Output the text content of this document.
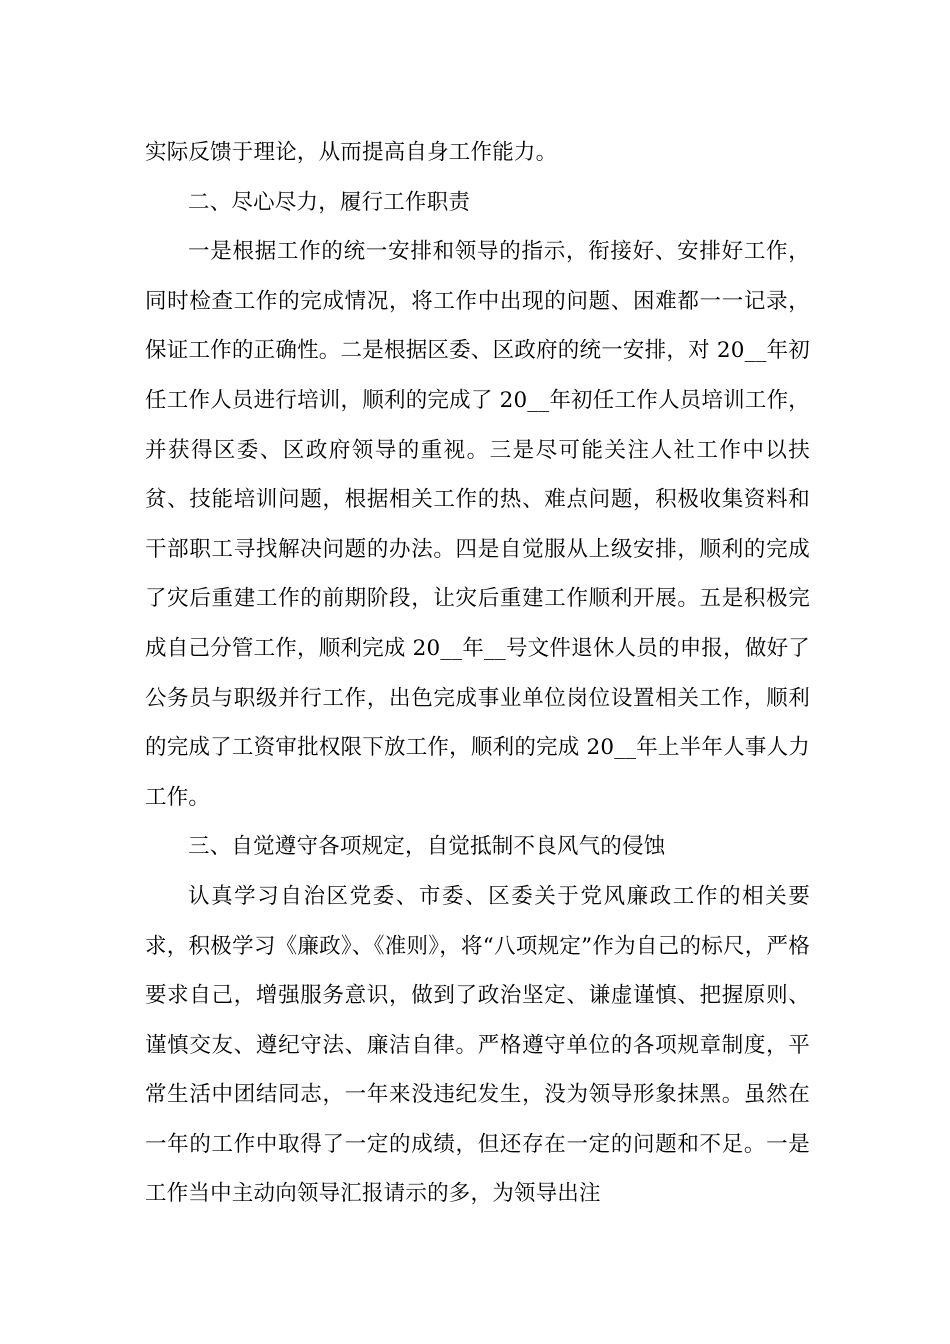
实际反馈于理论，从而提高自身工作能力。

二、尽心尽力，履行工作职责

一是根据工作的统一安排和领导的指示，衔接好、安排好工作，同时检查工作的完成情况，将工作中出现的问题、困难都一一记录，保证工作的正确性。二是根据区委、区政府的统一安排，对 20__年初任工作人员进行培训，顺利的完成了 20__年初任工作人员培训工作，并获得区委、区政府领导的重视。三是尽可能关注人社工作中以扶贫、技能培训问题，根据相关工作的热、难点问题，积极收集资料和干部职工寻找解决问题的办法。四是自觉服从上级安排，顺利的完成了灾后重建工作的前期阶段，让灾后重建工作顺利开展。五是积极完成自己分管工作，顺利完成 20__年__号文件退休人员的申报，做好了公务员与职级并行工作，出色完成事业单位岗位设置相关工作，顺利的完成了工资审批权限下放工作，顺利的完成 20__年上半年人事人力工作。

三、自觉遵守各项规定，自觉抵制不良风气的侵蚀

认真学习自治区党委、市委、区委关于党风廉政工作的相关要求，积极学习《廉政》、《准则》，将“八项规定”作为自己的标尺，严格要求自己，增强服务意识，做到了政治坚定、谦虚谨慎、把握原则、谨慎交友、遵纪守法、廉洁自律。严格遵守单位的各项规章制度，平常生活中团结同志，一年来没违纪发生，没为领导形象抹黑。虽然在一年的工作中取得了一定的成绩，但还存在一定的问题和不足。一是工作当中主动向领导汇报请示的多，为领导出注
